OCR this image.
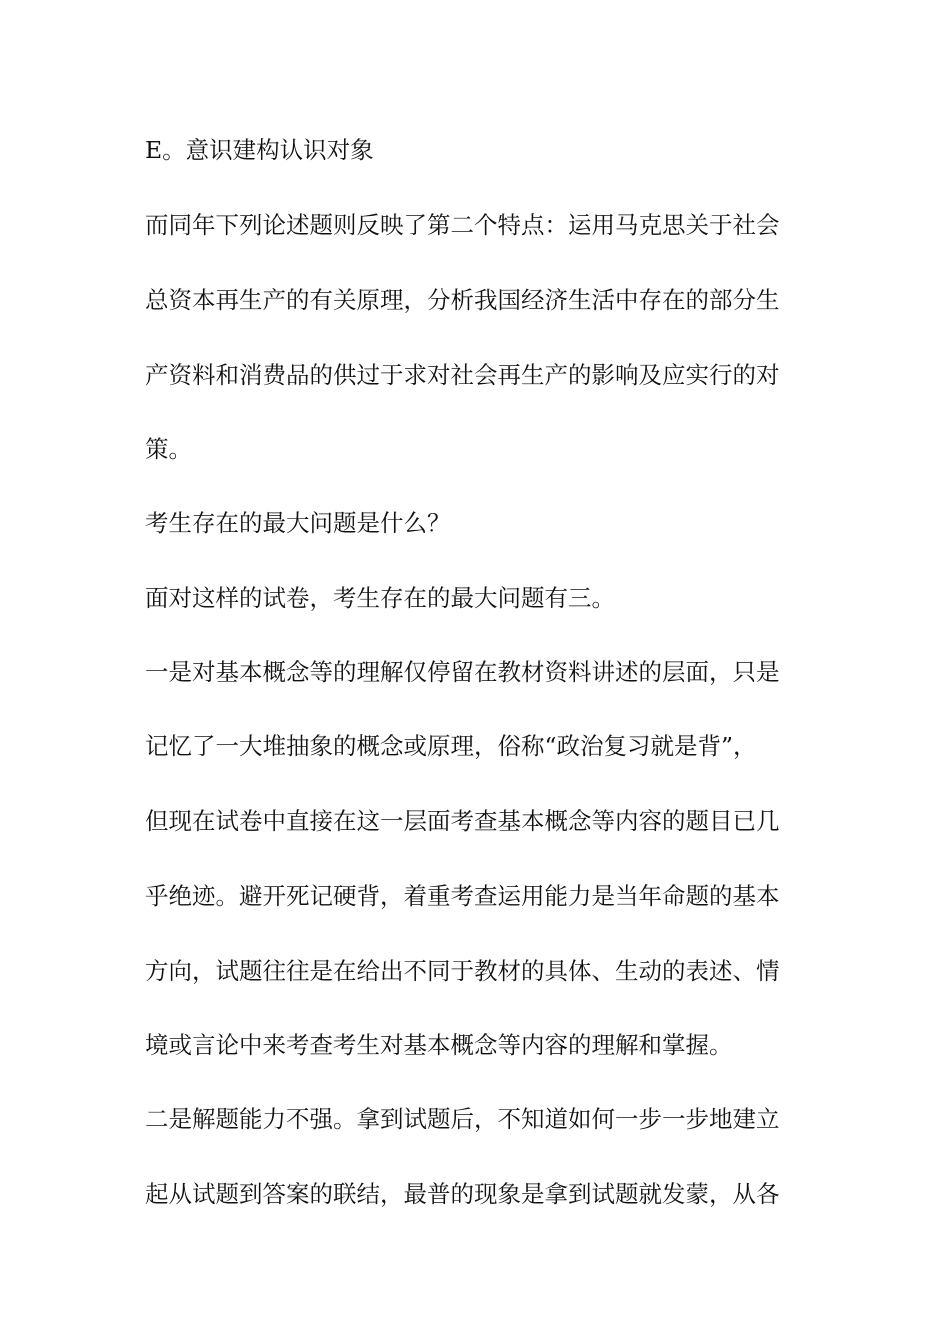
E。意识建构认识对象

而同年下列论述题则反映了第二个特点：运用马克思关于社会

总资本再生产的有关原理，分析我国经济生活中存在的部分生

产资料和消费品的供过于求对社会再生产的影响及应实行的对

策。

考生存在的最大问题是什么？

面对这样的试卷，考生存在的最大问题有三。

一是对基本概念等的理解仅停留在教材资料讲述的层面，只是

记忆了一大堆抽象的概念或原理，俗称“政治复习就是背”，

但现在试卷中直接在这一层面考查基本概念等内容的题目已几

乎绝迹。避开死记硬背，着重考查运用能力是当年命题的基本

方向，试题往往是在给出不同于教材的具体、生动的表述、情

境或言论中来考查考生对基本概念等内容的理解和掌握。

二是解题能力不强。拿到试题后，不知道如何一步一步地建立

起从试题到答案的联结，最普的现象是拿到试题就发蒙，从各
